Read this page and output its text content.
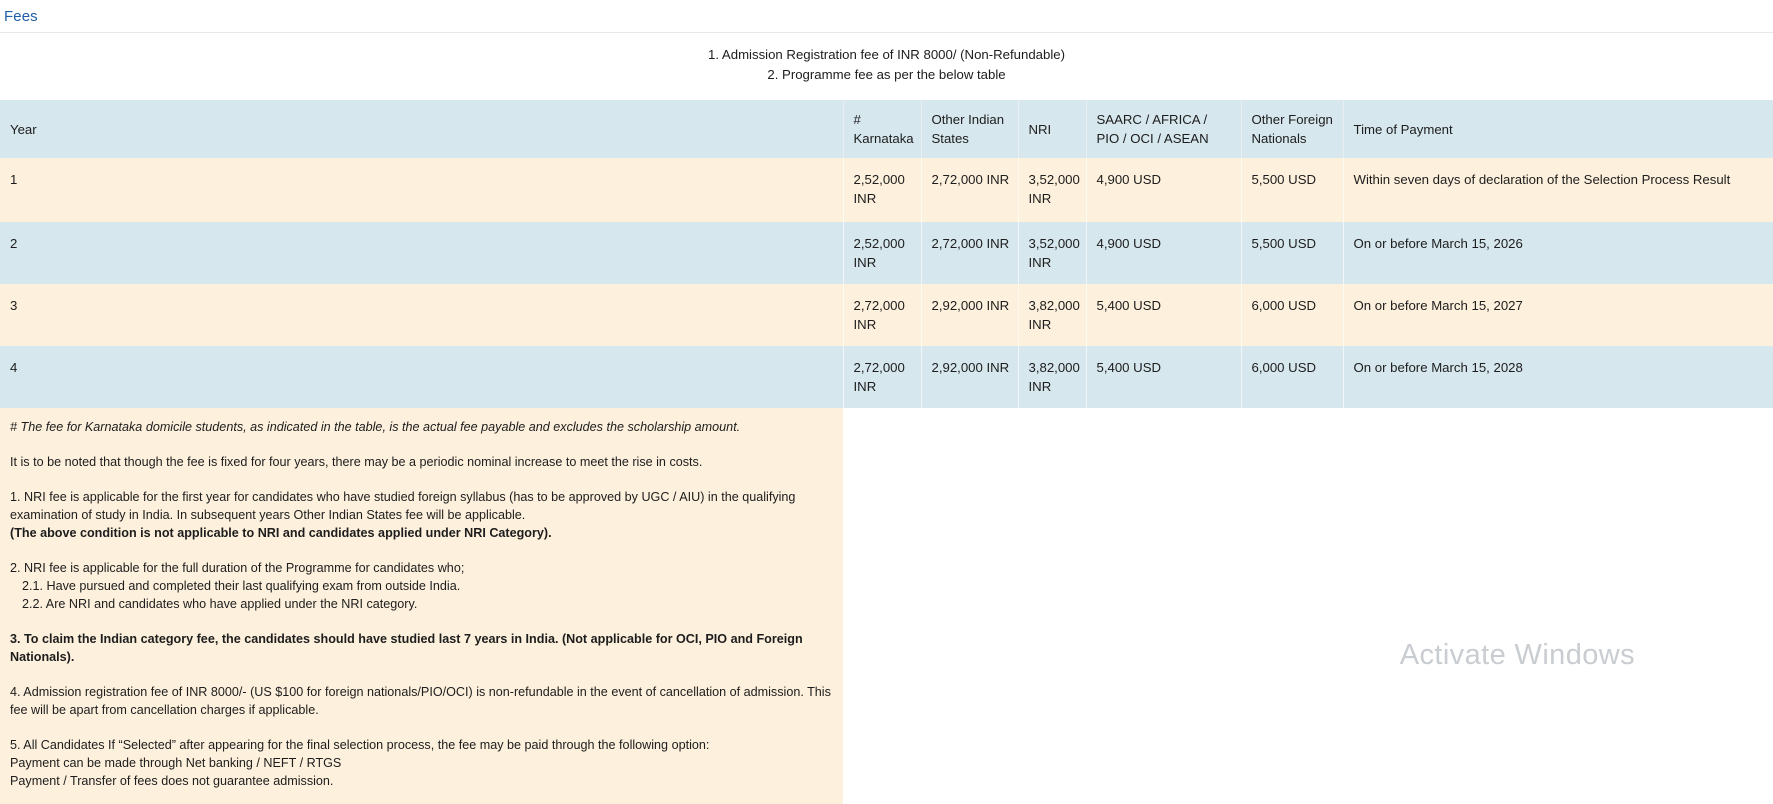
Fees
1. Admission Registration fee of INR 8000/ (Non-Refundable)
2. Programme fee as per the below table
Year	# Karnataka	Other Indian States	NRI	SAARC / AFRICA / PIO / OCI / ASEAN	Other Foreign Nationals	Time of Payment
1	2,52,000 INR	2,72,000 INR	3,52,000 INR	4,900 USD	5,500 USD	Within seven days of declaration of the Selection Process Result
2	2,52,000 INR	2,72,000 INR	3,52,000 INR	4,900 USD	5,500 USD	On or before March 15, 2026
3	2,72,000 INR	2,92,000 INR	3,82,000 INR	5,400 USD	6,000 USD	On or before March 15, 2027
4	2,72,000 INR	2,92,000 INR	3,82,000 INR	5,400 USD	6,000 USD	On or before March 15, 2028

# The fee for Karnataka domicile students, as indicated in the table, is the actual fee payable and excludes the scholarship amount.

It is to be noted that though the fee is fixed for four years, there may be a periodic nominal increase to meet the rise in costs.

1. NRI fee is applicable for the first year for candidates who have studied foreign syllabus (has to be approved by UGC / AIU) in the qualifying examination of study in India. In subsequent years Other Indian States fee will be applicable.
(The above condition is not applicable to NRI and candidates applied under NRI Category).

2. NRI fee is applicable for the full duration of the Programme for candidates who;
2.1. Have pursued and completed their last qualifying exam from outside India.
2.2. Are NRI and candidates who have applied under the NRI category.

3. To claim the Indian category fee, the candidates should have studied last 7 years in India. (Not applicable for OCI, PIO and Foreign Nationals).

4. Admission registration fee of INR 8000/- (US $100 for foreign nationals/PIO/OCI) is non-refundable in the event of cancellation of admission. This fee will be apart from cancellation charges if applicable.

5. All Candidates If “Selected” after appearing for the final selection process, the fee may be paid through the following option:
Payment can be made through Net banking / NEFT / RTGS
Payment / Transfer of fees does not guarantee admission.

Activate Windows
